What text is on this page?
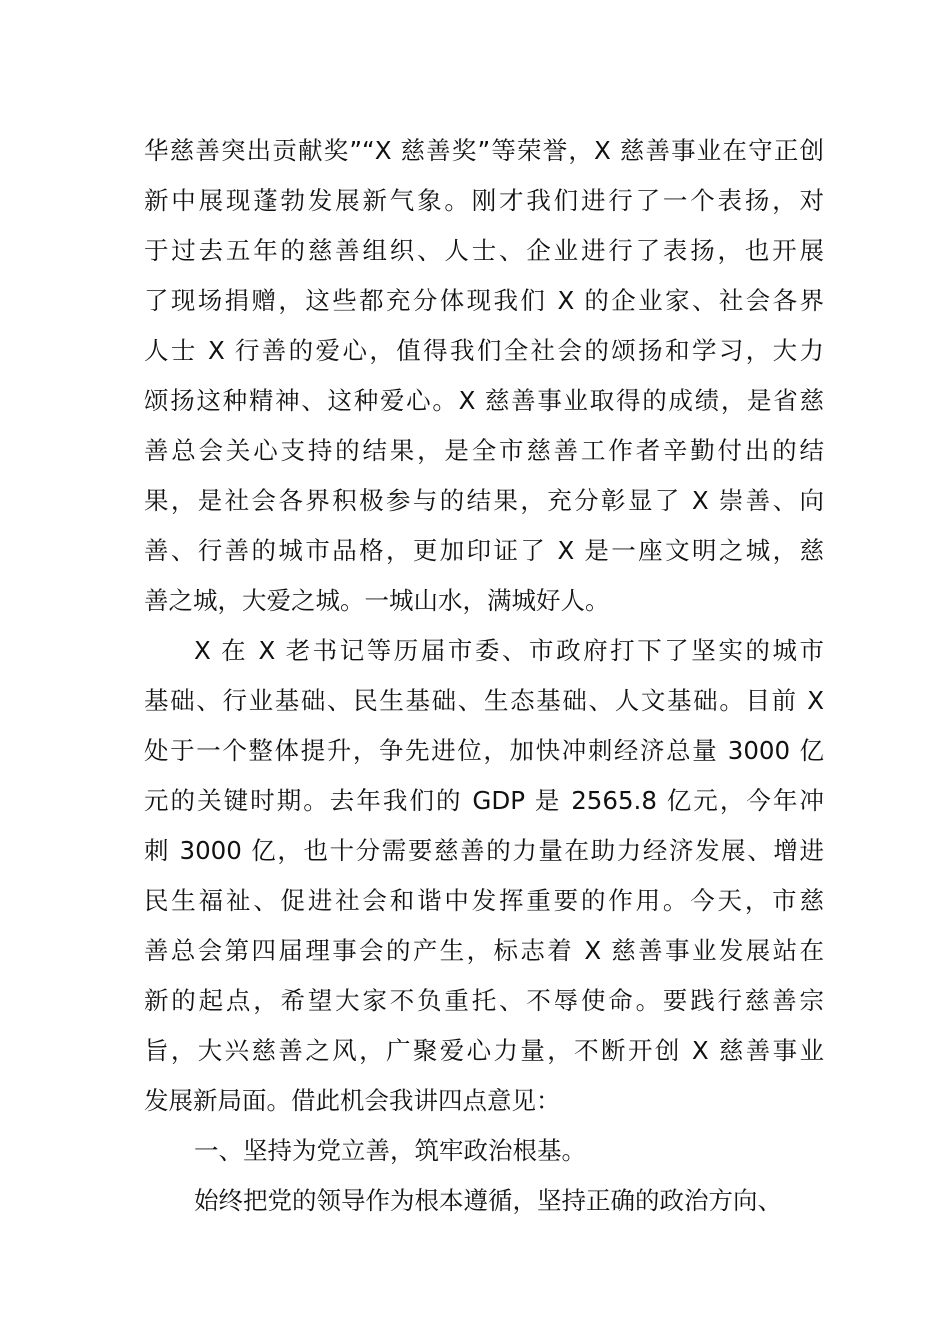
华慈善突出贡献奖”“X 慈善奖”等荣誉，X 慈善事业在守正创
新中展现蓬勃发展新气象。刚才我们进行了一个表扬，对
于过去五年的慈善组织、人士、企业进行了表扬，也开展
了现场捐赠，这些都充分体现我们 X 的企业家、社会各界
人士 X 行善的爱心，值得我们全社会的颂扬和学习，大力
颂扬这种精神、这种爱心。X 慈善事业取得的成绩，是省慈
善总会关心支持的结果，是全市慈善工作者辛勤付出的结
果，是社会各界积极参与的结果，充分彰显了 X 崇善、向
善、行善的城市品格，更加印证了 X 是一座文明之城，慈
善之城，大爱之城。一城山水，满城好人。
X 在 X 老书记等历届市委、市政府打下了坚实的城市
基础、行业基础、民生基础、生态基础、人文基础。目前 X
处于一个整体提升，争先进位，加快冲刺经济总量 3000 亿
元的关键时期。去年我们的 GDP 是 2565.8 亿元，今年冲
刺 3000 亿，也十分需要慈善的力量在助力经济发展、增进
民生福祉、促进社会和谐中发挥重要的作用。今天，市慈
善总会第四届理事会的产生，标志着 X 慈善事业发展站在
新的起点，希望大家不负重托、不辱使命。要践行慈善宗
旨，大兴慈善之风，广聚爱心力量，不断开创 X 慈善事业
发展新局面。借此机会我讲四点意见：
一、坚持为党立善，筑牢政治根基。
始终把党的领导作为根本遵循，坚持正确的政治方向、
